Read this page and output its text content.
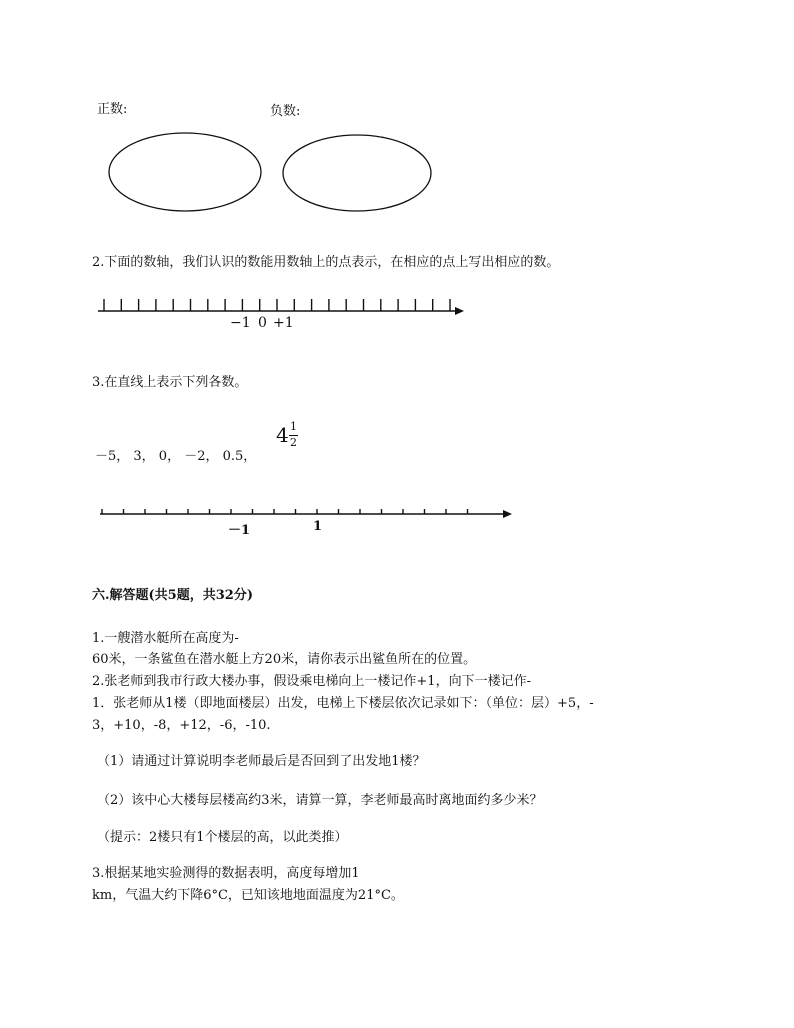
正数:	负数:
2.下面的数轴，我们认识的数能用数轴上的点表示，在相应的点上写出相应的数。
−1 0 +1
3.在直线上表示下列各数。
－5， 3， 0， －2， 0.5，
4 1
2
－1	1
六.解答题(共5题，共32分)
1.一艘潜水艇所在高度为-
60米，一条鲨鱼在潜水艇上方20米，请你表示出鲨鱼所在的位置。
2.张老师到我市行政大楼办事，假设乘电梯向上一楼记作+1，向下一楼记作-
1．张老师从1楼（即地面楼层）出发，电梯上下楼层依次记录如下：（单位：层）+5，-
3，+10，-8，+12，-6，-10.
（1）请通过计算说明李老师最后是否回到了出发地1楼？
（2）该中心大楼每层楼高约3米，请算一算，李老师最高时离地面约多少米？
（提示：2楼只有1个楼层的高，以此类推）
3.根据某地实验测得的数据表明，高度每增加1
km，气温大约下降6°C，已知该地地面温度为21°C。
